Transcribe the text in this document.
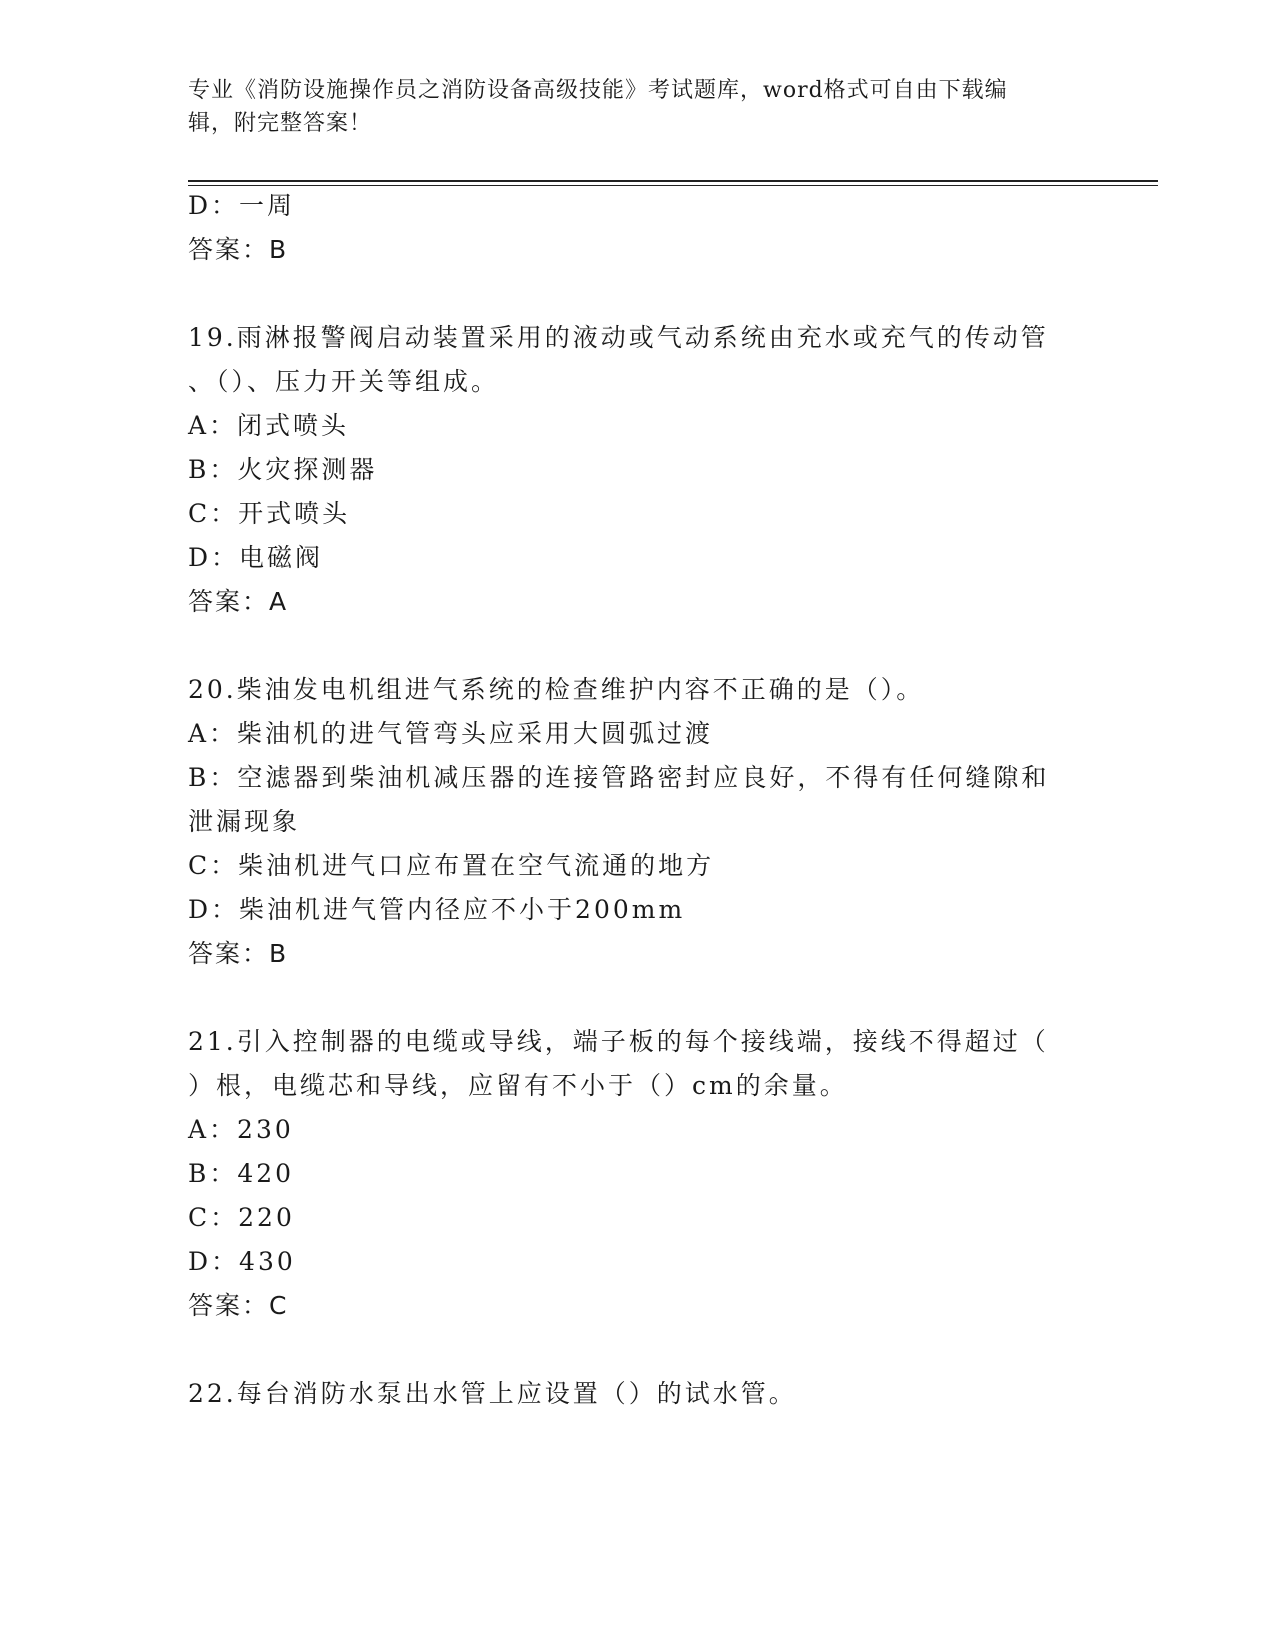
专业《消防设施操作员之消防设备高级技能》考试题库，word格式可自由下载编
辑，附完整答案！
D：一周
答案：B
19.雨淋报警阀启动装置采用的液动或气动系统由充水或充气的传动管
、（）、压力开关等组成。
A：闭式喷头
B：火灾探测器
C：开式喷头
D：电磁阀
答案：A
20.柴油发电机组进气系统的检查维护内容不正确的是（）。
A：柴油机的进气管弯头应采用大圆弧过渡
B：空滤器到柴油机减压器的连接管路密封应良好，不得有任何缝隙和
泄漏现象
C：柴油机进气口应布置在空气流通的地方
D：柴油机进气管内径应不小于200mm
答案：B
21.引入控制器的电缆或导线，端子板的每个接线端，接线不得超过（
）根，电缆芯和导线，应留有不小于（）cm的余量。
A：230
B：420
C：220
D：430
答案：C
22.每台消防水泵出水管上应设置（）的试水管。
